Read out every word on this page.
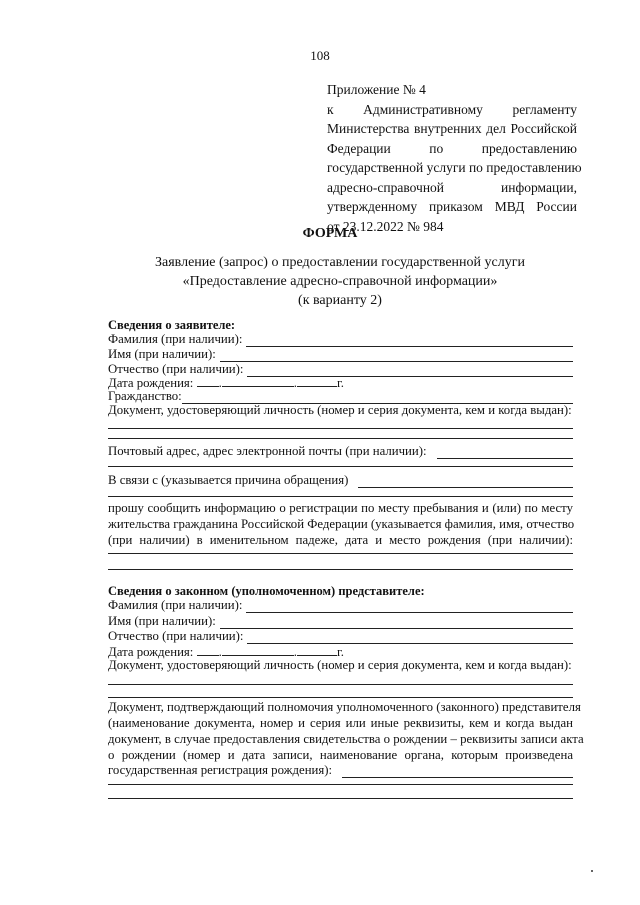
108
Приложение № 4
к Административному регламенту
Министерства внутренних дел Российской
Федерации по предоставлению
государственной услуги по предоставлению
адресно-справочной информации,
утвержденному приказом МВД России
от 23.12.2022 № 984
ФОРМА
Заявление (запрос) о предоставлении государственной услуги
«Предоставление адресно-справочной информации»
(к варианту 2)
Сведения о заявителе:
Фамилия (при наличии):
Имя (при наличии):
Отчество (при наличии):
Дата рождения: .	.	г.
Гражданство:
Документ, удостоверяющий личность (номер и серия документа, кем и когда выдан):
Почтовый адрес, адрес электронной почты (при наличии):
В связи с (указывается причина обращения)
прошу сообщить информацию о регистрации по месту пребывания и (или) по месту
жительства гражданина Российской Федерации (указывается фамилия, имя, отчество
(при наличии) в именительном падеже, дата и место рождения (при наличии):
Сведения о законном (уполномоченном) представителе:
Фамилия (при наличии):
Имя (при наличии):
Отчество (при наличии):
Дата рождения: .	.	г.
Документ, удостоверяющий личность (номер и серия документа, кем и когда выдан):
Документ, подтверждающий полномочия уполномоченного (законного) представителя
(наименование документа, номер и серия или иные реквизиты, кем и когда выдан
документ, в случае предоставления свидетельства о рождении – реквизиты записи акта
о рождении (номер и дата записи, наименование органа, которым произведена
государственная регистрация рождения):
